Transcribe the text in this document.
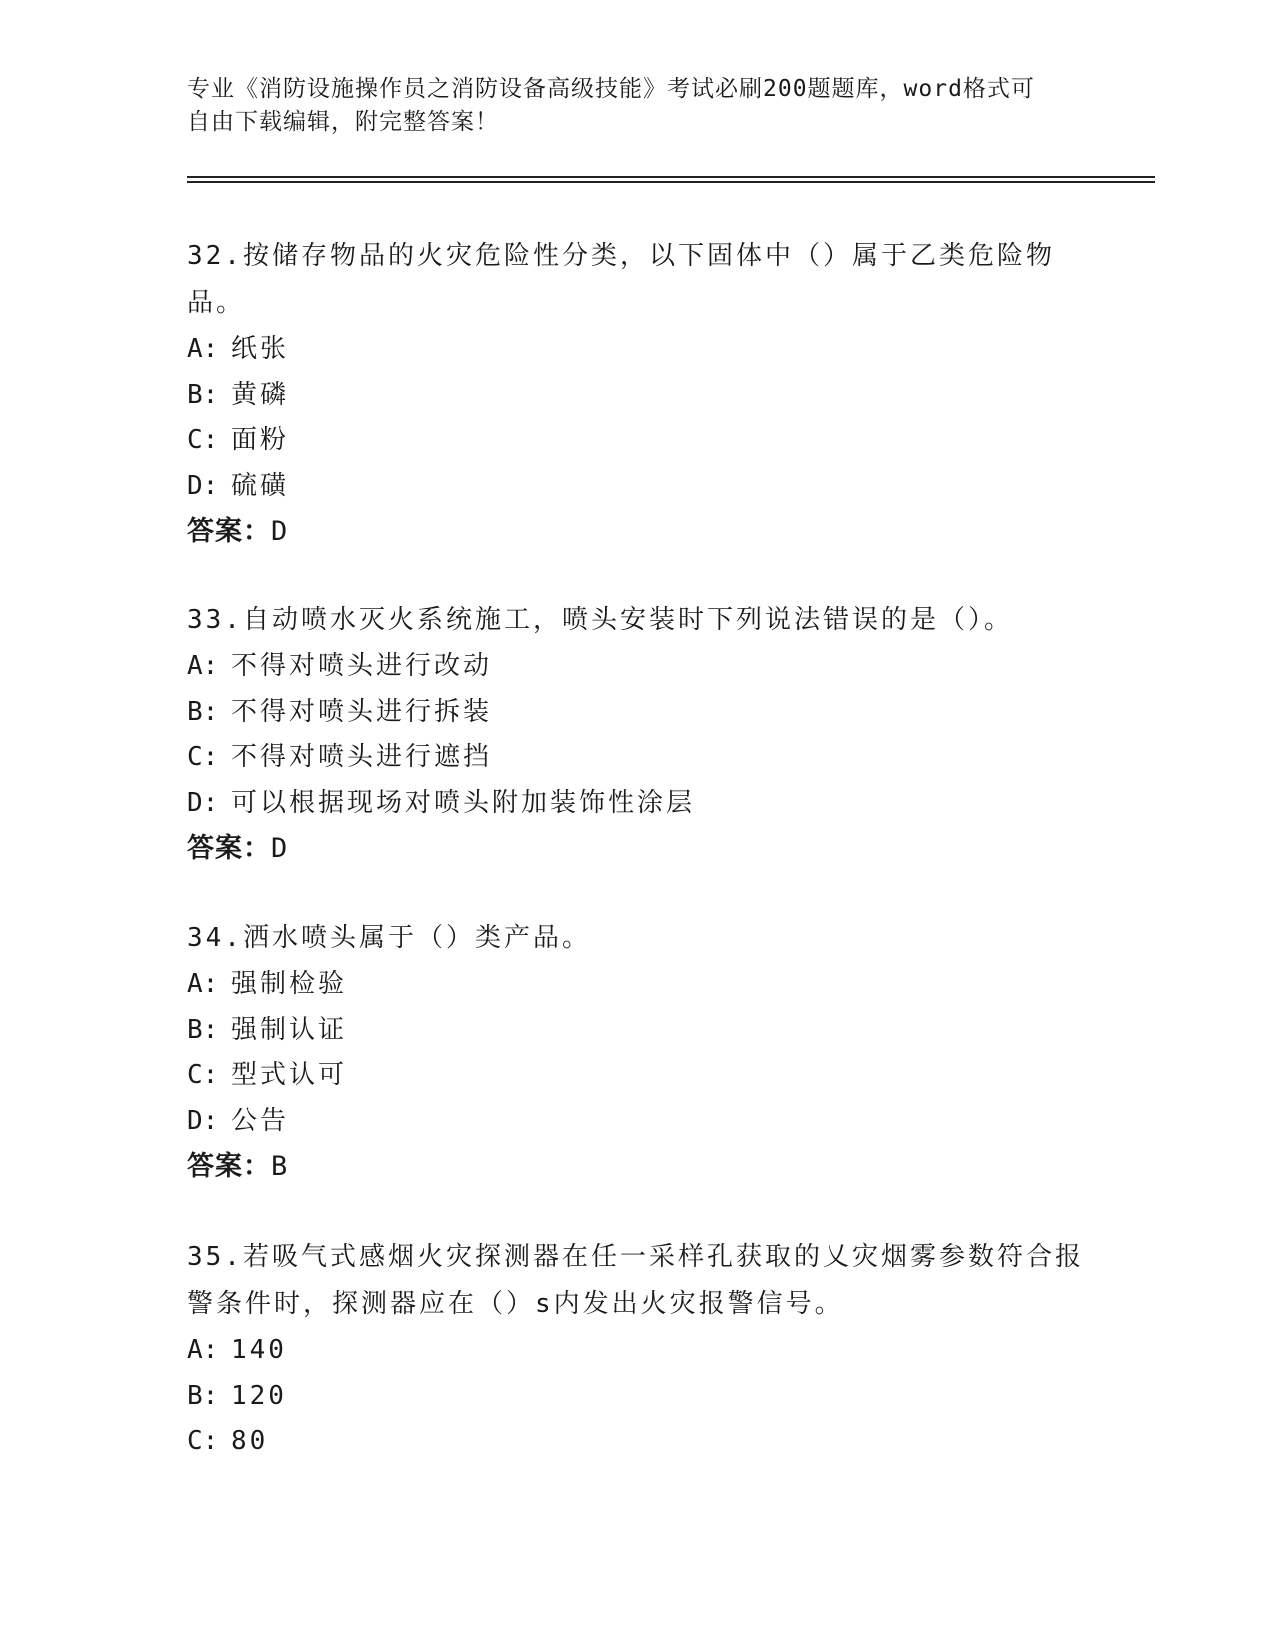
专业《消防设施操作员之消防设备高级技能》考试必刷200题题库，word格式可
自由下载编辑，附完整答案！

32.按储存物品的火灾危险性分类，以下固体中（）属于乙类危险物品。

A: 纸张

B: 黄磷

C: 面粉

D: 硫磺

答案：D

33.自动喷水灭火系统施工，喷头安装时下列说法错误的是（）。

A: 不得对喷头进行改动

B: 不得对喷头进行拆装

C: 不得对喷头进行遮挡

D: 可以根据现场对喷头附加装饰性涂层

答案：D

34.洒水喷头属于（）类产品。

A: 强制检验

B: 强制认证

C: 型式认可

D: 公告

答案：B

35.若吸气式感烟火灾探测器在任一采样孔获取的乂灾烟雾参数符合报警条件时，探测器应在（）s内发出火灾报警信号。

A: 140

B: 120

C: 80
